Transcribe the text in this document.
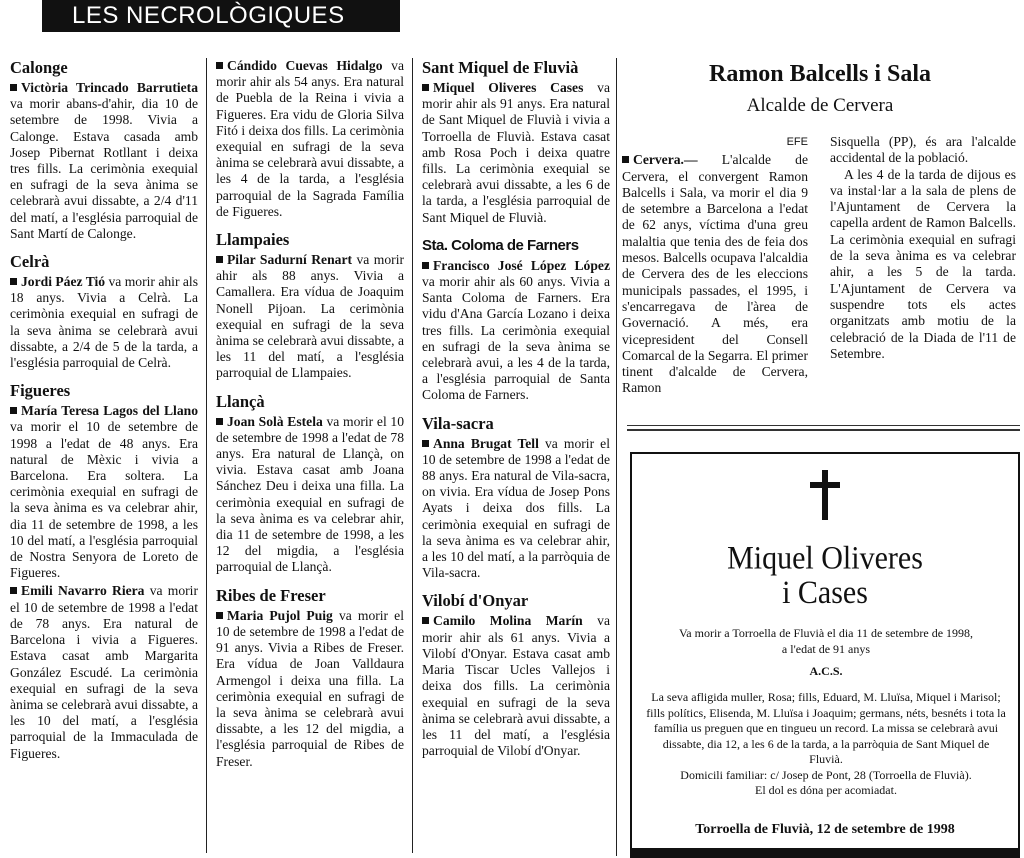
LES NECROLÒGIQUES
Calonge
Victòria Trincado Barrutieta va morir abans-d'ahir, dia 10 de setembre de 1998. Vivia a Calonge. Estava casada amb Josep Pibernat Rotllant i deixa tres fills. La cerimònia exequial en sufragi de la seva ànima se celebrarà avui dissabte, a 2/4 d'11 del matí, a l'església parroquial de Sant Martí de Calonge.
Celrà
Jordi Páez Tió va morir ahir als 18 anys. Vivia a Celrà. La cerimònia exequial en sufragi de la seva ànima se celebrarà avui dissabte, a 2/4 de 5 de la tarda, a l'església parroquial de Celrà.
Figueres
María Teresa Lagos del Llano va morir el 10 de setembre de 1998 a l'edat de 48 anys. Era natural de Mèxic i vivia a Barcelona. Era soltera. La cerimònia exequial en sufragi de la seva ànima es va celebrar ahir, dia 11 de setembre de 1998, a les 10 del matí, a l'església parroquial de Nostra Senyora de Loreto de Figueres.
Emili Navarro Riera va morir el 10 de setembre de 1998 a l'edat de 78 anys. Era natural de Barcelona i vivia a Figueres. Estava casat amb Margarita González Escudé. La cerimònia exequial en sufragi de la seva ànima se celebrarà avui dissabte, a les 10 del matí, a l'església parroquial de la Immaculada de Figueres.
Cándido Cuevas Hidalgo va morir ahir als 54 anys. Era natural de Puebla de la Reina i vivia a Figueres. Era vidu de Gloria Silva Fitó i deixa dos fills. La cerimònia exequial en sufragi de la seva ànima se celebrarà avui dissabte, a les 4 de la tarda, a l'església parroquial de la Sagrada Família de Figueres.
Llampaies
Pilar Sadurní Renart va morir ahir als 88 anys. Vivia a Camallera. Era vídua de Joaquim Nonell Pijoan. La cerimònia exequial en sufragi de la seva ànima se celebrarà avui dissabte, a les 11 del matí, a l'església parroquial de Llampaies.
Llançà
Joan Solà Estela va morir el 10 de setembre de 1998 a l'edat de 78 anys. Era natural de Llançà, on vivia. Estava casat amb Joana Sánchez Deu i deixa una filla. La cerimònia exequial en sufragi de la seva ànima es va celebrar ahir, dia 11 de setembre de 1998, a les 12 del migdia, a l'església parroquial de Llançà.
Ribes de Freser
Maria Pujol Puig va morir el 10 de setembre de 1998 a l'edat de 91 anys. Vivia a Ribes de Freser. Era vídua de Joan Valldaura Armengol i deixa una filla. La cerimònia exequial en sufragi de la seva ànima se celebrarà avui dissabte, a les 12 del migdia, a l'església parroquial de Ribes de Freser.
Sant Miquel de Fluvià
Miquel Oliveres Cases va morir ahir als 91 anys. Era natural de Sant Miquel de Fluvià i vivia a Torroella de Fluvià. Estava casat amb Rosa Poch i deixa quatre fills. La cerimònia exequial se celebrarà avui dissabte, a les 6 de la tarda, a l'església parroquial de Sant Miquel de Fluvià.
Sta. Coloma de Farners
Francisco José López López va morir ahir als 60 anys. Vivia a Santa Coloma de Farners. Era vidu d'Ana García Lozano i deixa tres fills. La cerimònia exequial en sufragi de la seva ànima se celebrarà avui, a les 4 de la tarda, a l'església parroquial de Santa Coloma de Farners.
Vila-sacra
Anna Brugat Tell va morir el 10 de setembre de 1998 a l'edat de 88 anys. Era natural de Vila-sacra, on vivia. Era vídua de Josep Pons Ayats i deixa dos fills. La cerimònia exequial en sufragi de la seva ànima es va celebrar ahir, a les 10 del matí, a la parròquia de Vila-sacra.
Vilobí d'Onyar
Camilo Molina Marín va morir ahir als 61 anys. Vivia a Vilobí d'Onyar. Estava casat amb Maria Tiscar Ucles Vallejos i deixa dos fills. La cerimònia exequial en sufragi de la seva ànima se celebrarà avui dissabte, a les 11 del matí, a l'església parroquial de Vilobí d'Onyar.
Ramon Balcells i Sala
Alcalde de Cervera
EFE

Cervera.— L'alcalde de Cervera, el convergent Ramon Balcells i Sala, va morir el dia 9 de setembre a Barcelona a l'edat de 62 anys, víctima d'una greu malaltia que tenia des de feia dos mesos. Balcells ocupava l'alcaldia de Cervera des de les eleccions municipals passades, el 1995, i s'encarregava de l'àrea de Governació. A més, era vicepresident del Consell Comarcal de la Segarra. El primer tinent d'alcalde de Cervera, Ramon

Sisquella (PP), és ara l'alcalde accidental de la població.

A les 4 de la tarda de dijous es va instal·lar a la sala de plens de l'Ajuntament de Cervera la capella ardent de Ramon Balcells. La cerimònia exequial en sufragi de la seva ànima es va celebrar ahir, a les 5 de la tarda. L'Ajuntament de Cervera va suspendre tots els actes organitzats amb motiu de la celebració de la Diada de l'11 de Setembre.

Miquel Oliveres
i Cases
Va morir a Torroella de Fluvià el dia 11 de setembre de 1998,
a l'edat de 91 anys
A.C.S.
La seva afligida muller, Rosa; fills, Eduard, M. Lluïsa, Miquel i Marisol; fills polítics, Elisenda, M. Lluïsa i Joaquim; germans, néts, besnéts i tota la família us preguen que en tingueu un record. La missa se celebrarà avui dissabte, dia 12, a les 6 de la tarda, a la parròquia de Sant Miquel de Fluvià.
Domicili familiar: c/ Josep de Pont, 28 (Torroella de Fluvià).
El dol es dóna per acomiadat.
Torroella de Fluvià, 12 de setembre de 1998
